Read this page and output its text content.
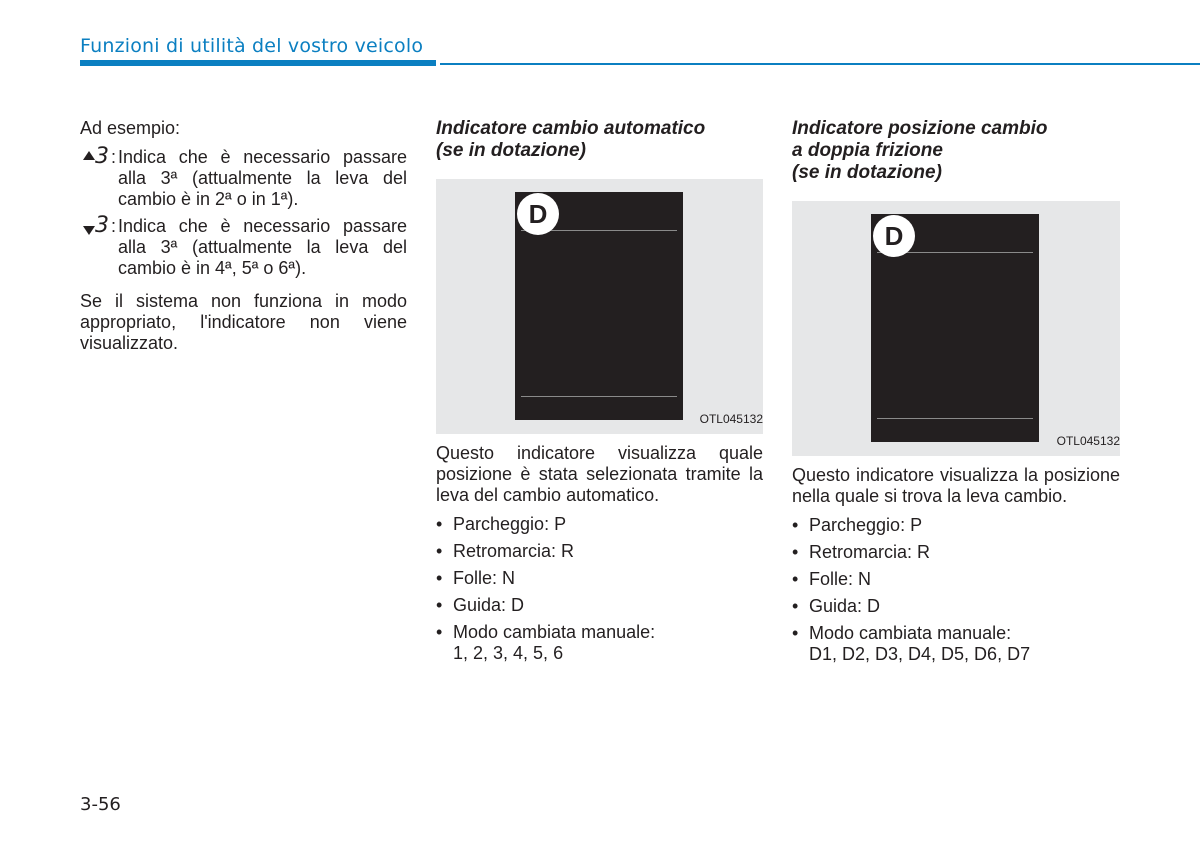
Funzioni di utilità del vostro veicolo

Ad esempio:

3 : Indica che è necessario passare alla 3ª (attualmente la leva del cambio è in 2ª o in 1ª).
3 : Indica che è necessario passare alla 3ª (attualmente la leva del cambio è in 4ª, 5ª o 6ª).

Se il sistema non funziona in modo appropriato, l'indicatore non viene visualizzato.

Indicatore cambio automatico
(se in dotazione)
D
OTL045132

Questo indicatore visualizza quale posizione è stata selezionata tramite la leva del cambio automatico.

• Parcheggio: P
• Retromarcia: R
• Folle: N
• Guida: D
• Modo cambiata manuale:
1, 2, 3, 4, 5, 6
Indicatore posizione cambio
a doppia frizione
(se in dotazione)
D
OTL045132

Questo indicatore visualizza la posizione nella quale si trova la leva cambio.

• Parcheggio: P
• Retromarcia: R
• Folle: N
• Guida: D
• Modo cambiata manuale:
D1, D2, D3, D4, D5, D6, D7
3-56
